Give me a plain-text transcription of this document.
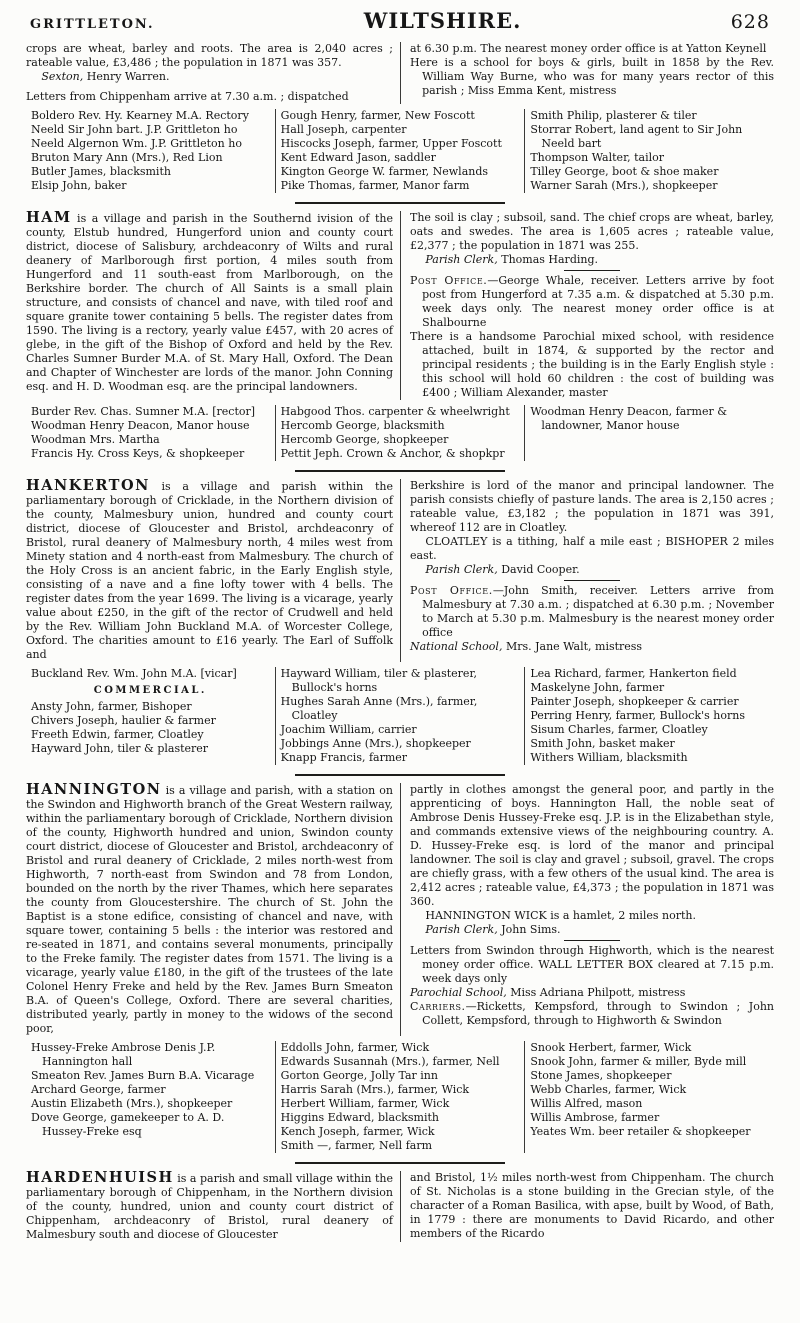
GRITTLETON.	WILTSHIRE.	628

crops are wheat, barley and roots. The area is 2,040 acres ; rateable value, £3,486 ; the population in 1871 was 357.

Sexton, Henry Warren.

Letters from Chippenham arrive at 7.30 a.m. ; dispatched

at 6.30 p.m. The nearest money order office is at Yatton Keynell

Here is a school for boys & girls, built in 1858 by the Rev. William Way Burne, who was for many years rector of this parish ; Miss Emma Kent, mistress

Boldero Rev. Hy. Kearney M.A. Rectory
Neeld Sir John bart. J.P. Grittleton ho
Neeld Algernon Wm. J.P. Grittleton ho
Bruton Mary Ann (Mrs.), Red Lion
Butler James, blacksmith
Elsip John, baker
Gough Henry, farmer, New Foscott
Hall Joseph, carpenter
Hiscocks Joseph, farmer, Upper Foscott
Kent Edward Jason, saddler
Kington George W. farmer, Newlands
Pike Thomas, farmer, Manor farm
Smith Philip, plasterer & tiler
Storrar Robert, land agent to Sir John Neeld bart
Thompson Walter, tailor
Tilley George, boot & shoe maker
Warner Sarah (Mrs.), shopkeeper

HAM is a village and parish in the Southernd ivision of the county, Elstub hundred, Hungerford union and county court district, diocese of Salisbury, archdeaconry of Wilts and rural deanery of Marlborough first portion, 4 miles south from Hungerford and 11 south-east from Marlborough, on the Berkshire border. The church of All Saints is a small plain structure, and consists of chancel and nave, with tiled roof and square granite tower containing 5 bells. The register dates from 1590. The living is a rectory, yearly value £457, with 20 acres of glebe, in the gift of the Bishop of Oxford and held by the Rev. Charles Sumner Burder M.A. of St. Mary Hall, Oxford. The Dean and Chapter of Winchester are lords of the manor. John Conning esq. and H. D. Woodman esq. are the principal landowners.

The soil is clay ; subsoil, sand. The chief crops are wheat, barley, oats and swedes. The area is 1,605 acres ; rateable value, £2,377 ; the population in 1871 was 255.

Parish Clerk, Thomas Harding.

Post Office.—George Whale, receiver. Letters arrive by foot post from Hungerford at 7.35 a.m. & dispatched at 5.30 p.m. week days only. The nearest money order office is at Shalbourne

There is a handsome Parochial mixed school, with residence attached, built in 1874, & supported by the rector and principal residents ; the building is in the Early English style : this school will hold 60 children : the cost of building was £400 ; William Alexander, master

Burder Rev. Chas. Sumner M.A. [rector]
Woodman Henry Deacon, Manor house
Woodman Mrs. Martha
Francis Hy. Cross Keys, & shopkeeper
Habgood Thos. carpenter & wheelwright
Hercomb George, blacksmith
Hercomb George, shopkeeper
Pettit Jeph. Crown & Anchor, & shopkpr
Woodman Henry Deacon, farmer & landowner, Manor house

HANKERTON is a village and parish within the parliamentary borough of Cricklade, in the Northern division of the county, Malmesbury union, hundred and county court district, diocese of Gloucester and Bristol, archdeaconry of Bristol, rural deanery of Malmesbury north, 4 miles west from Minety station and 4 north-east from Malmesbury. The church of the Holy Cross is an ancient fabric, in the Early English style, consisting of a nave and a fine lofty tower with 4 bells. The register dates from the year 1699. The living is a vicarage, yearly value about £250, in the gift of the rector of Crudwell and held by the Rev. William John Buckland M.A. of Worcester College, Oxford. The charities amount to £16 yearly. The Earl of Suffolk and

Berkshire is lord of the manor and principal landowner. The parish consists chiefly of pasture lands. The area is 2,150 acres ; rateable value, £3,182 ; the population in 1871 was 391, whereof 112 are in Cloatley.

CLOATLEY is a tithing, half a mile east ; BISHOPER 2 miles east.

Parish Clerk, David Cooper.

Post Office.—John Smith, receiver. Letters arrive from Malmesbury at 7.30 a.m. ; dispatched at 6.30 p.m. ; November to March at 5.30 p.m. Malmesbury is the nearest money order office

National School, Mrs. Jane Walt, mistress

Buckland Rev. Wm. John M.A. [vicar]
COMMERCIAL.
Ansty John, farmer, Bishoper
Chivers Joseph, haulier & farmer
Freeth Edwin, farmer, Cloatley
Hayward John, tiler & plasterer
Hayward William, tiler & plasterer, Bullock's horns
Hughes Sarah Anne (Mrs.), farmer, Cloatley
Joachim William, carrier
Jobbings Anne (Mrs.), shopkeeper
Knapp Francis, farmer
Lea Richard, farmer, Hankerton field
Maskelyne John, farmer
Painter Joseph, shopkeeper & carrier
Perring Henry, farmer, Bullock's horns
Sisum Charles, farmer, Cloatley
Smith John, basket maker
Withers William, blacksmith

HANNINGTON is a village and parish, with a station on the Swindon and Highworth branch of the Great Western railway, within the parliamentary borough of Cricklade, Northern division of the county, Highworth hundred and union, Swindon county court district, diocese of Gloucester and Bristol, archdeaconry of Bristol and rural deanery of Cricklade, 2 miles north-west from Highworth, 7 north-east from Swindon and 78 from London, bounded on the north by the river Thames, which here separates the county from Gloucestershire. The church of St. John the Baptist is a stone edifice, consisting of chancel and nave, with square tower, containing 5 bells : the interior was restored and re-seated in 1871, and contains several monuments, principally to the Freke family. The register dates from 1571. The living is a vicarage, yearly value £180, in the gift of the trustees of the late Colonel Henry Freke and held by the Rev. James Burn Smeaton B.A. of Queen's College, Oxford. There are several charities, distributed yearly, partly in money to the widows of the second poor,

partly in clothes amongst the general poor, and partly in the apprenticing of boys. Hannington Hall, the noble seat of Ambrose Denis Hussey-Freke esq. J.P. is in the Elizabethan style, and commands extensive views of the neighbouring country. A. D. Hussey-Freke esq. is lord of the manor and principal landowner. The soil is clay and gravel ; subsoil, gravel. The crops are chiefly grass, with a few others of the usual kind. The area is 2,412 acres ; rateable value, £4,373 ; the population in 1871 was 360.

HANNINGTON WICK is a hamlet, 2 miles north.

Parish Clerk, John Sims.

Letters from Swindon through Highworth, which is the nearest money order office. WALL LETTER BOX cleared at 7.15 p.m. week days only

Parochial School, Miss Adriana Philpott, mistress

Carriers.—Ricketts, Kempsford, through to Swindon ; John Collett, Kempsford, through to Highworth & Swindon

Hussey-Freke Ambrose Denis J.P. Hannington hall
Smeaton Rev. James Burn B.A. Vicarage
Archard George, farmer
Austin Elizabeth (Mrs.), shopkeeper
Dove George, gamekeeper to A. D. Hussey-Freke esq
Eddolls John, farmer, Wick
Edwards Susannah (Mrs.), farmer, Nell
Gorton George, Jolly Tar inn
Harris Sarah (Mrs.), farmer, Wick
Herbert William, farmer, Wick
Higgins Edward, blacksmith
Kench Joseph, farmer, Wick
Smith —, farmer, Nell farm
Snook Herbert, farmer, Wick
Snook John, farmer & miller, Byde mill
Stone James, shopkeeper
Webb Charles, farmer, Wick
Willis Alfred, mason
Willis Ambrose, farmer
Yeates Wm. beer retailer & shopkeeper

HARDENHUISH is a parish and small village within the parliamentary borough of Chippenham, in the Northern division of the county, hundred, union and county court district of Chippenham, archdeaconry of Bristol, rural deanery of Malmesbury south and diocese of Gloucester

and Bristol, 1½ miles north-west from Chippenham. The church of St. Nicholas is a stone building in the Grecian style, of the character of a Roman Basilica, with apse, built by Wood, of Bath, in 1779 : there are monuments to David Ricardo, and other members of the Ricardo
